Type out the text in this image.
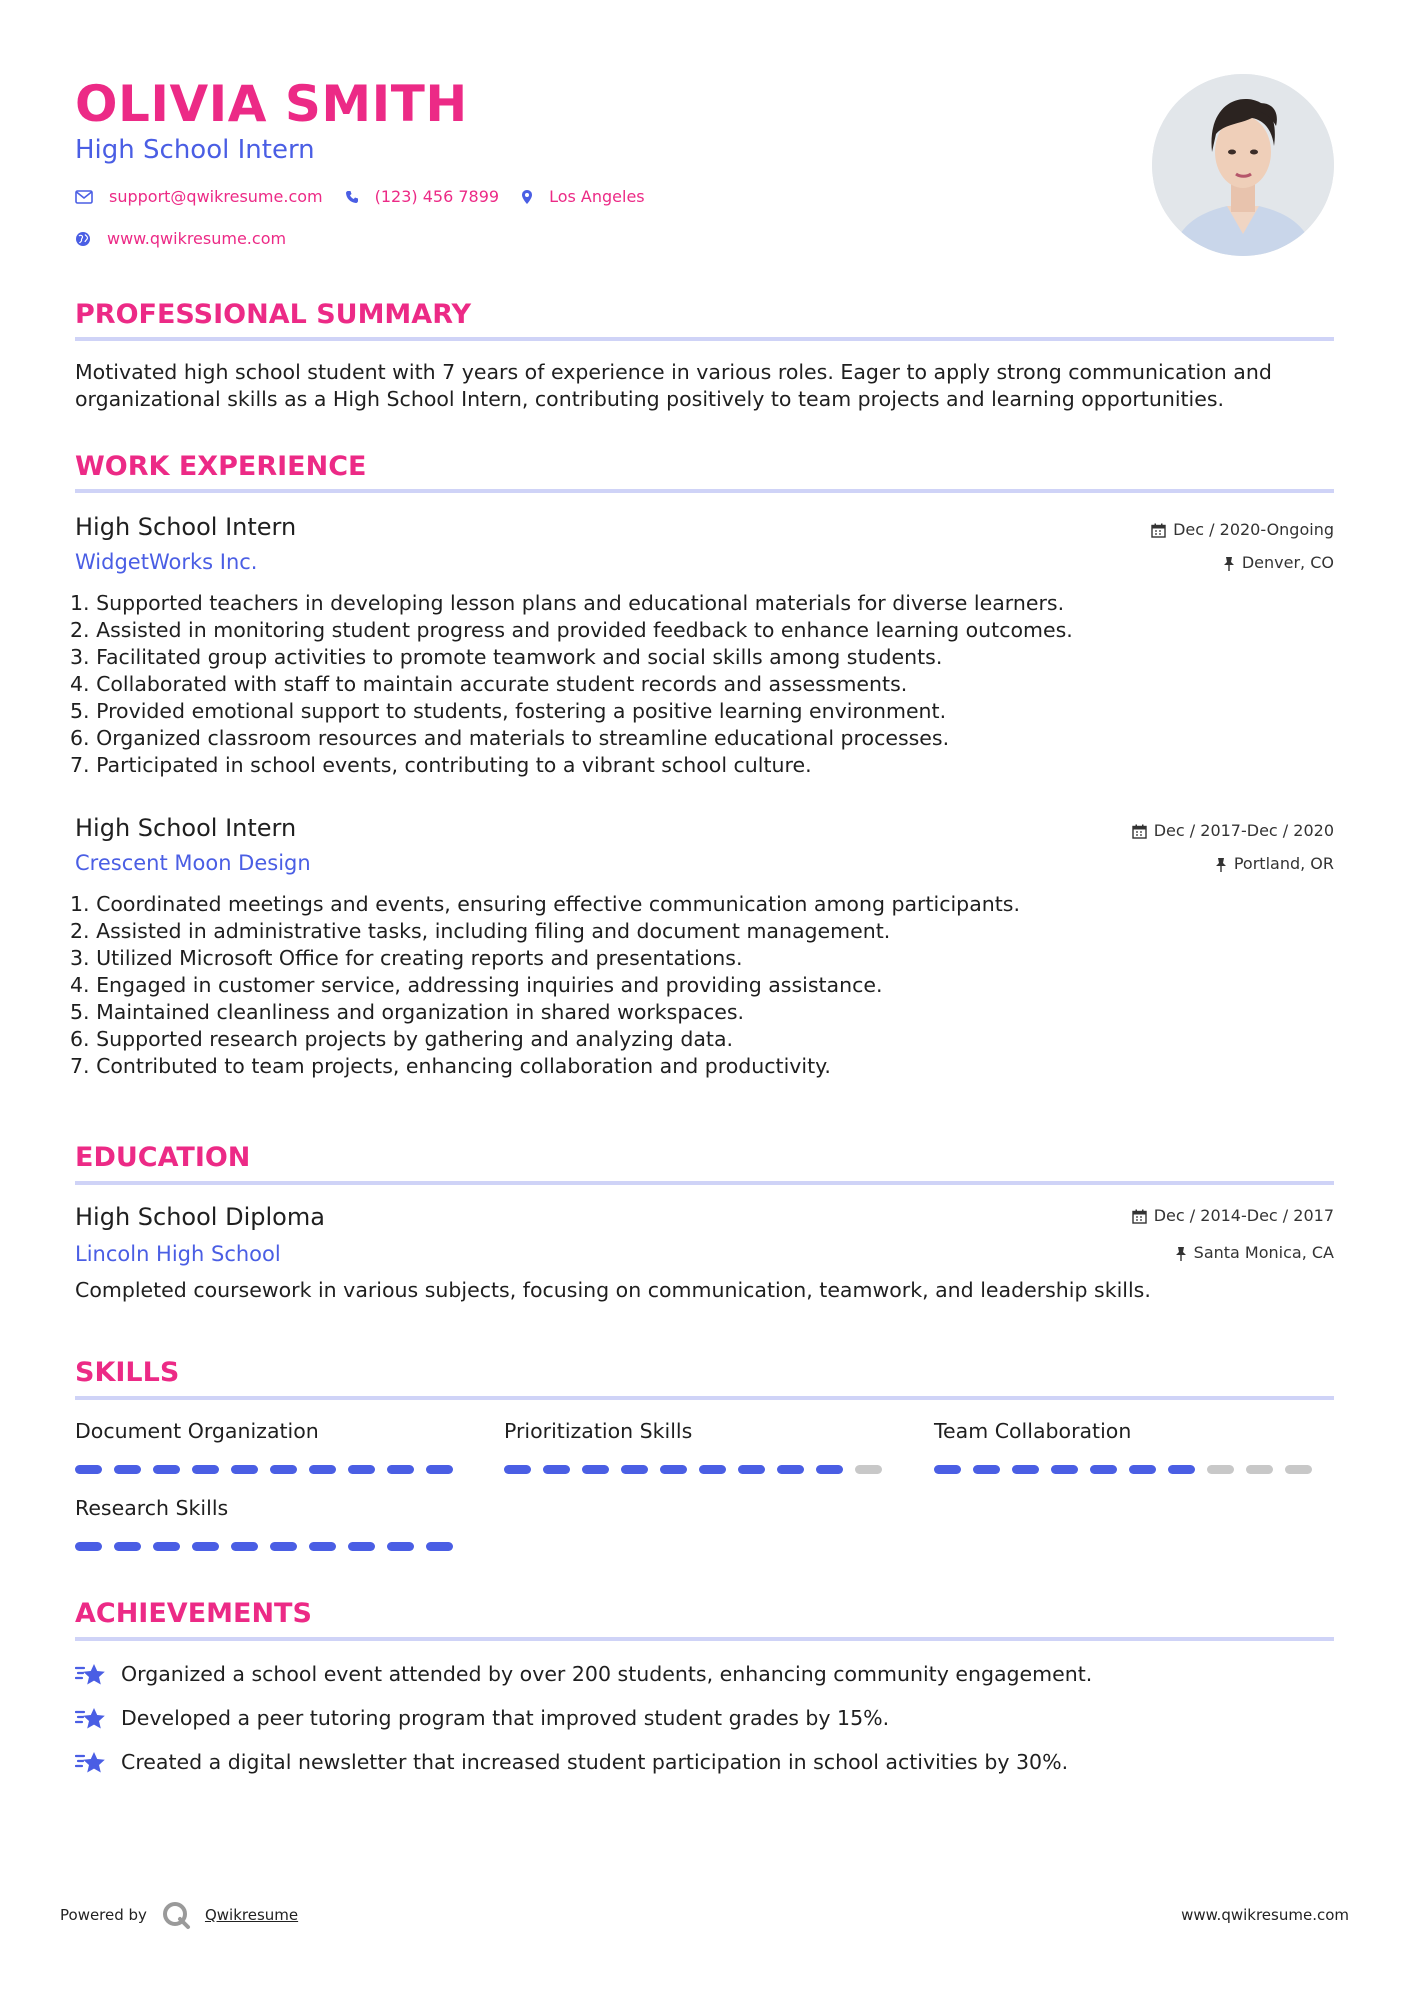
OLIVIA SMITH
High School Intern
support@qwikresume.com	(123) 456 7899	Los Angeles
www.qwikresume.com
PROFESSIONAL SUMMARY
Motivated high school student with 7 years of experience in various roles. Eager to apply strong communication and organizational skills as a High School Intern, contributing positively to team projects and learning opportunities.
WORK EXPERIENCE
High School Intern	Dec / 2020-Ongoing
WidgetWorks Inc.	Denver, CO
1. Supported teachers in developing lesson plans and educational materials for diverse learners.
2. Assisted in monitoring student progress and provided feedback to enhance learning outcomes.
3. Facilitated group activities to promote teamwork and social skills among students.
4. Collaborated with staff to maintain accurate student records and assessments.
5. Provided emotional support to students, fostering a positive learning environment.
6. Organized classroom resources and materials to streamline educational processes.
7. Participated in school events, contributing to a vibrant school culture.
High School Intern	Dec / 2017-Dec / 2020
Crescent Moon Design	Portland, OR
1. Coordinated meetings and events, ensuring effective communication among participants.
2. Assisted in administrative tasks, including filing and document management.
3. Utilized Microsoft Office for creating reports and presentations.
4. Engaged in customer service, addressing inquiries and providing assistance.
5. Maintained cleanliness and organization in shared workspaces.
6. Supported research projects by gathering and analyzing data.
7. Contributed to team projects, enhancing collaboration and productivity.
EDUCATION
High School Diploma	Dec / 2014-Dec / 2017
Lincoln High School	Santa Monica, CA
Completed coursework in various subjects, focusing on communication, teamwork, and leadership skills.
SKILLS
Document Organization	Prioritization Skills	Team Collaboration
Research Skills
ACHIEVEMENTS
Organized a school event attended by over 200 students, enhancing community engagement.
Developed a peer tutoring program that improved student grades by 15%.
Created a digital newsletter that increased student participation in school activities by 30%.
Powered by	Qwikresume	www.qwikresume.com
